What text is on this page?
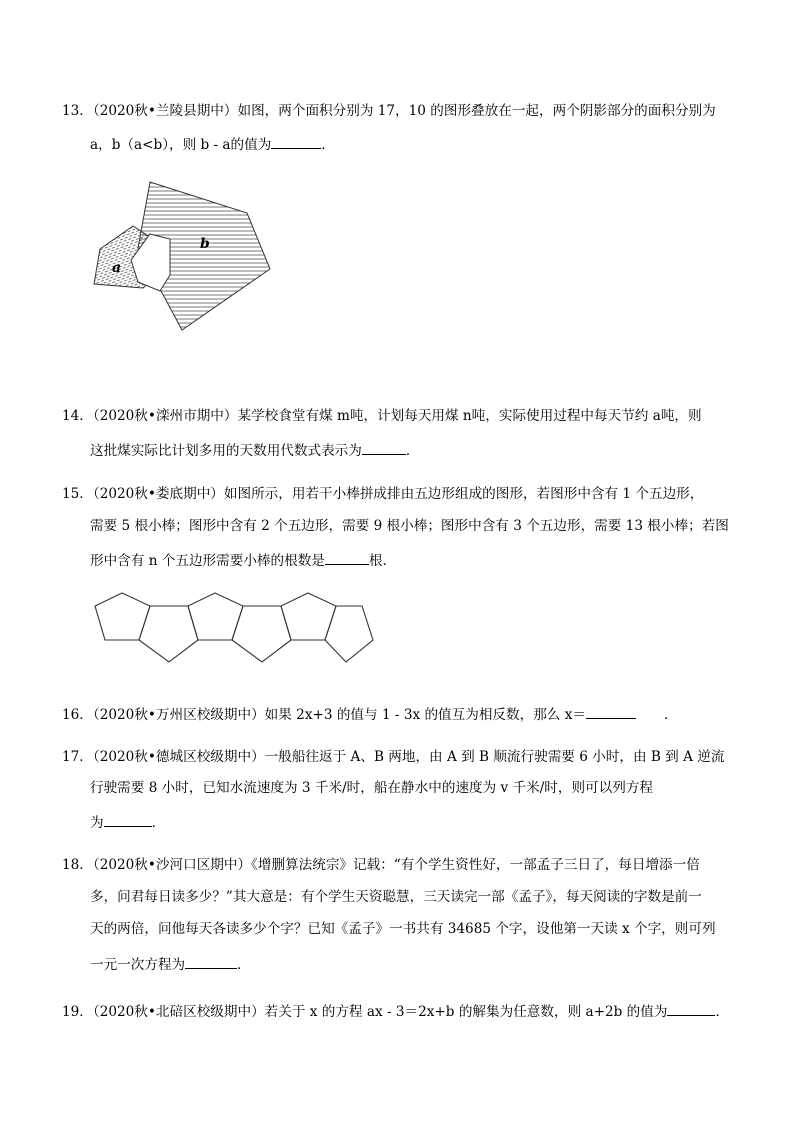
13．（2020秋•兰陵县期中）如图，两个面积分别为 17，10 的图形叠放在一起，两个阴影部分的面积分别为
a，b（a<b），则 b - a的值为	．
a
b
14．（2020秋•滦州市期中）某学校食堂有煤 m吨，计划每天用煤 n吨，实际使用过程中每天节约 a吨，则
这批煤实际比计划多用的天数用代数式表示为	．
15．（2020秋•娄底期中）如图所示，用若干小棒拼成排由五边形组成的图形，若图形中含有 1 个五边形，
需要 5 根小棒；图形中含有 2 个五边形，需要 9 根小棒；图形中含有 3 个五边形，需要 13 根小棒；若图
形中含有 n 个五边形需要小棒的根数是	根．
16．（2020秋•万州区校级期中）如果 2x+3 的值与 1 - 3x 的值互为相反数，那么 x＝	．
17．（2020秋•德城区校级期中）一般船往返于 A、B 两地，由 A 到 B 顺流行驶需要 6 小时，由 B 到 A 逆流
行驶需要 8 小时，已知水流速度为 3 千米/时，船在静水中的速度为 v 千米/时，则可以列方程
为	．
18．（2020秋•沙河口区期中）《增删算法统宗》记载：“有个学生资性好，一部孟子三日了，每日增添一倍
多，问君每日读多少？”其大意是：有个学生天资聪慧，三天读完一部《孟子》，每天阅读的字数是前一
天的两倍，问他每天各读多少个字？已知《孟子》一书共有 34685 个字，设他第一天读 x 个字，则可列
一元一次方程为	．
19．（2020秋•北碚区校级期中）若关于 x 的方程 ax - 3＝2x+b 的解集为任意数，则 a+2b 的值为	．
